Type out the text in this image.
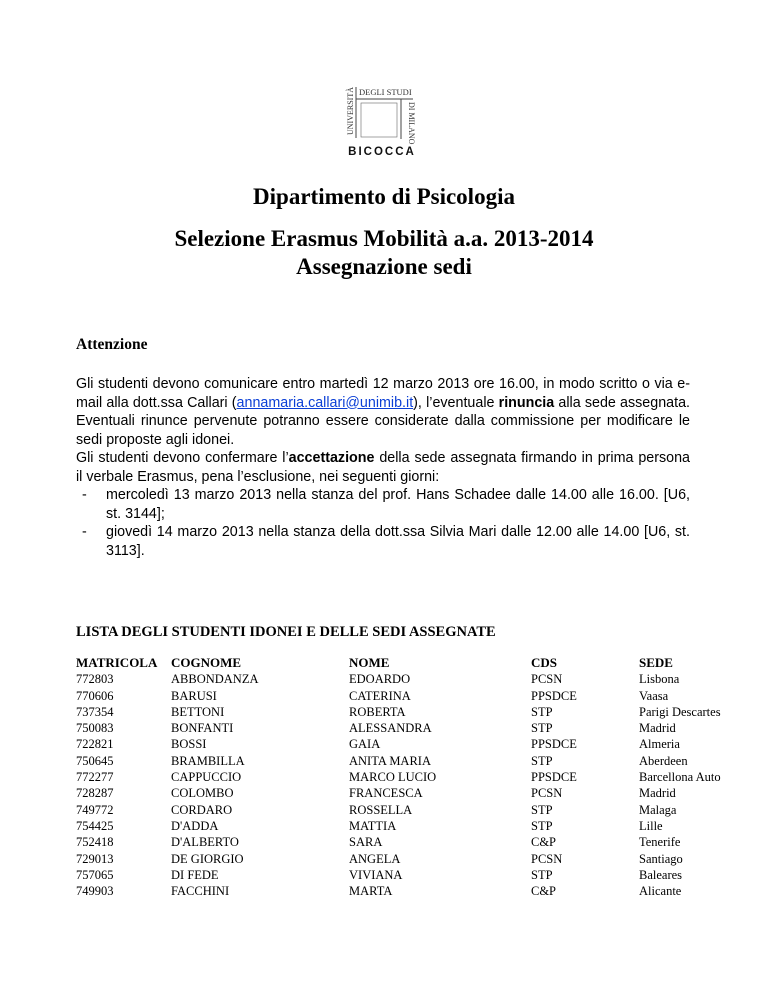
UNIVERSITÀ DEGLI STUDI
DI MILANO
BICOCCA
Dipartimento di Psicologia
Selezione Erasmus Mobilità a.a. 2013-2014
Assegnazione sedi
Attenzione
Gli studenti devono comunicare entro martedì 12 marzo 2013 ore 16.00, in modo scritto o via e-mail alla dott.ssa Callari (annamaria.callari@unimib.it), l’eventuale rinuncia alla sede assegnata. Eventuali rinunce pervenute potranno essere considerate dalla commissione per modificare le sedi proposte agli idonei.
Gli studenti devono confermare l’accettazione della sede assegnata firmando in prima persona il verbale Erasmus, pena l’esclusione, nei seguenti giorni:
- mercoledì 13 marzo 2013 nella stanza del prof. Hans Schadee dalle 14.00 alle 16.00. [U6, st. 3144];
- giovedì 14 marzo 2013 nella stanza della dott.ssa Silvia Mari dalle 12.00 alle 14.00 [U6, st. 3113].
LISTA DEGLI STUDENTI IDONEI E DELLE SEDI ASSEGNATE
MATRICOLA	COGNOME	NOME	CDS	SEDE
772803	ABBONDANZA	EDOARDO	PCSN	Lisbona
770606	BARUSI	CATERINA	PPSDCE	Vaasa
737354	BETTONI	ROBERTA	STP	Parigi Descartes
750083	BONFANTI	ALESSANDRA	STP	Madrid
722821	BOSSI	GAIA	PPSDCE	Almeria
750645	BRAMBILLA	ANITA MARIA	STP	Aberdeen
772277	CAPPUCCIO	MARCO LUCIO	PPSDCE	Barcellona Auto
728287	COLOMBO	FRANCESCA	PCSN	Madrid
749772	CORDARO	ROSSELLA	STP	Malaga
754425	D'ADDA	MATTIA	STP	Lille
752418	D'ALBERTO	SARA	C&P	Tenerife
729013	DE GIORGIO	ANGELA	PCSN	Santiago
757065	DI FEDE	VIVIANA	STP	Baleares
749903	FACCHINI	MARTA	C&P	Alicante
